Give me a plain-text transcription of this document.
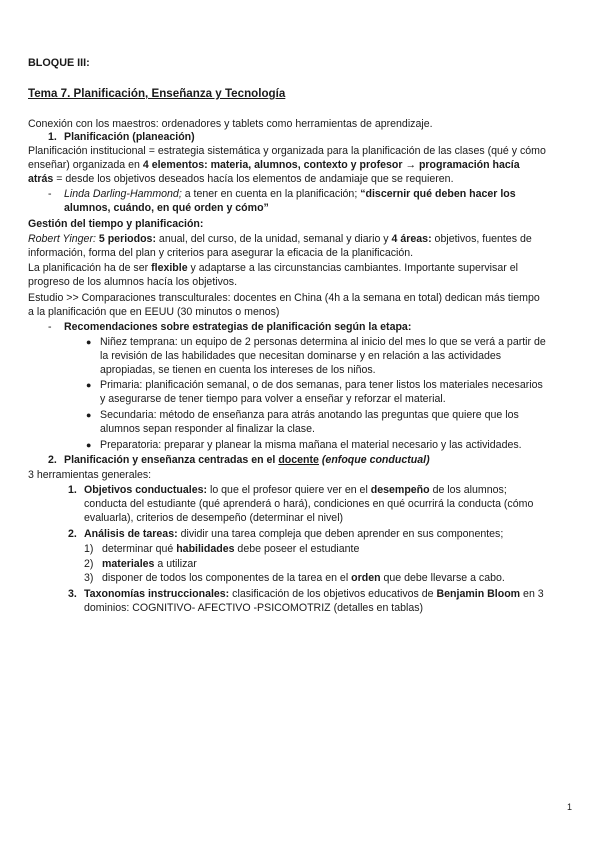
BLOQUE III:
Tema 7. Planificación, Enseñanza y Tecnología
Conexión con los maestros: ordenadores y tablets como herramientas de aprendizaje.
1. Planificación (planeación)
Planificación institucional = estrategia sistemática y organizada para la planificación de las clases (qué y cómo
enseñar) organizada en 4 elementos: materia, alumnos, contexto y profesor → programación hacía
atrás = desde los objetivos deseados hacía los elementos de andamiaje que se requieren.
- Linda Darling-Hammond; a tener en cuenta en la planificación; “discernir qué deben hacer los
alumnos, cuándo, en qué orden y cómo”
Gestión del tiempo y planificación:
Robert Yinger: 5 periodos: anual, del curso, de la unidad, semanal y diario y 4 áreas: objetivos, fuentes de
información, forma del plan y criterios para asegurar la eficacia de la planificación.
La planificación ha de ser flexible y adaptarse a las circunstancias cambiantes. Importante supervisar el
progreso de los alumnos hacía los objetivos.
Estudio >> Comparaciones transculturales: docentes en China (4h a la semana en total) dedican más tiempo
a la planificación que en EEUU (30 minutos o menos)
- Recomendaciones sobre estrategias de planificación según la etapa:
● Niñez temprana: un equipo de 2 personas determina al inicio del mes lo que se verá a partir de
la revisión de las habilidades que necesitan dominarse y en relación a las actividades
apropiadas, se tienen en cuenta los intereses de los niños.
● Primaria: planificación semanal, o de dos semanas, para tener listos los materiales necesarios
y asegurarse de tener tiempo para volver a enseñar y reforzar el material.
● Secundaria: método de enseñanza para atrás anotando las preguntas que quiere que los
alumnos sepan responder al finalizar la clase.
● Preparatoria: preparar y planear la misma mañana el material necesario y las actividades.
2. Planificación y enseñanza centradas en el docente (enfoque conductual)
3 herramientas generales:
1. Objetivos conductuales: lo que el profesor quiere ver en el desempeño de los alumnos;
conducta del estudiante (qué aprenderá o hará), condiciones en qué ocurrirá la conducta (cómo
evaluarla), criterios de desempeño (determinar el nivel)
2. Análisis de tareas: dividir una tarea compleja que deben aprender en sus componentes;
1) determinar qué habilidades debe poseer el estudiante
2) materiales a utilizar
3) disponer de todos los componentes de la tarea en el orden que debe llevarse a cabo.
3. Taxonomías instruccionales: clasificación de los objetivos educativos de Benjamin Bloom en 3
dominios: COGNITIVO- AFECTIVO -PSICOMOTRIZ (detalles en tablas)
1
